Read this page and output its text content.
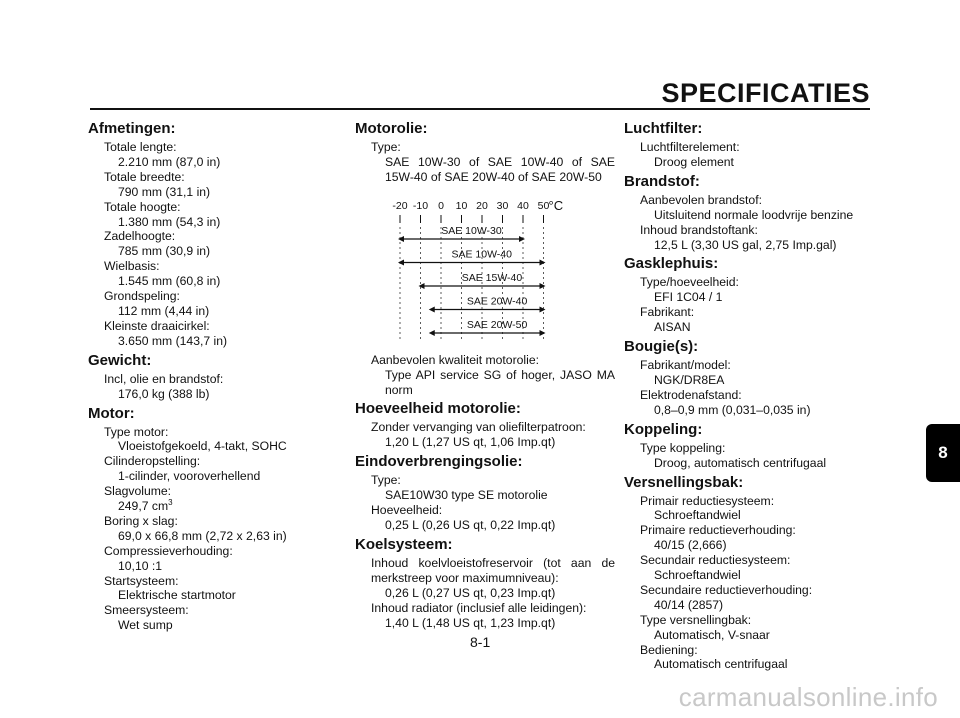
SPECIFICATIES
Afmetingen:
Totale lengte:
2.210 mm (87,0 in)
Totale breedte:
790 mm (31,1 in)
Totale hoogte:
1.380 mm (54,3 in)
Zadelhoogte:
785 mm (30,9 in)
Wielbasis:
1.545 mm (60,8 in)
Grondspeling:
112 mm (4,44 in)
Kleinste draaicirkel:
3.650 mm (143,7 in)
Gewicht:
Incl, olie en brandstof:
176,0 kg (388 lb)
Motor:
Type motor:
Vloeistofgekoeld, 4-takt, SOHC
Cilinderopstelling:
1-cilinder, vooroverhellend
Slagvolume:
249,7 $cm^3$
Boring x slag:
69,0 x 66,8 mm (2,72 x 2,63 in)
Compressieverhouding:
10,10 :1
Startsysteem:
Elektrische startmotor
Smeersysteem:
Wet sump
Motorolie:
Type:
SAE 10W-30 of SAE 10W-40 of SAE 15W-40 of SAE 20W-40 of SAE 20W-50
-20 -10 0 10 20 30 40 50 °C
SAE 10W-30
SAE 10W-40
SAE 15W-40
SAE 20W-40
SAE 20W-50
Aanbevolen kwaliteit motorolie:
Type API service SG of hoger, JASO MA norm
Hoeveelheid motorolie:
Zonder vervanging van oliefilterpatroon:
1,20 L (1,27 US qt, 1,06 Imp.qt)
Eindoverbrengingsolie:
Type:
SAE10W30 type SE motorolie
Hoeveelheid:
0,25 L (0,26 US qt, 0,22 Imp.qt)
Koelsysteem:
Inhoud koelvloeistofreservoir (tot aan de merkstreep voor maximumniveau):
0,26 L (0,27 US qt, 0,23 Imp.qt)
Inhoud radiator (inclusief alle leidingen):
1,40 L (1,48 US qt, 1,23 Imp.qt)
Luchtfilter:
Luchtfilterelement:
Droog element
Brandstof:
Aanbevolen brandstof:
Uitsluitend normale loodvrije benzine
Inhoud brandstoftank:
12,5 L (3,30 US gal, 2,75 Imp.gal)
Gasklephuis:
Type/hoeveelheid:
EFI 1C04 / 1
Fabrikant:
AISAN
Bougie(s):
Fabrikant/model:
NGK/DR8EA
Elektrodenafstand:
0,8–0,9 mm (0,031–0,035 in)
Koppeling:
Type koppeling:
Droog, automatisch centrifugaal
Versnellingsbak:
Primair reductiesysteem:
Schroeftandwiel
Primaire reductieverhouding:
40/15 (2,666)
Secundair reductiesysteem:
Schroeftandwiel
Secundaire reductieverhouding:
40/14 (2857)
Type versnellingbak:
Automatisch, V-snaar
Bediening:
Automatisch centrifugaal
8
8-1
carmanualsonline.info
